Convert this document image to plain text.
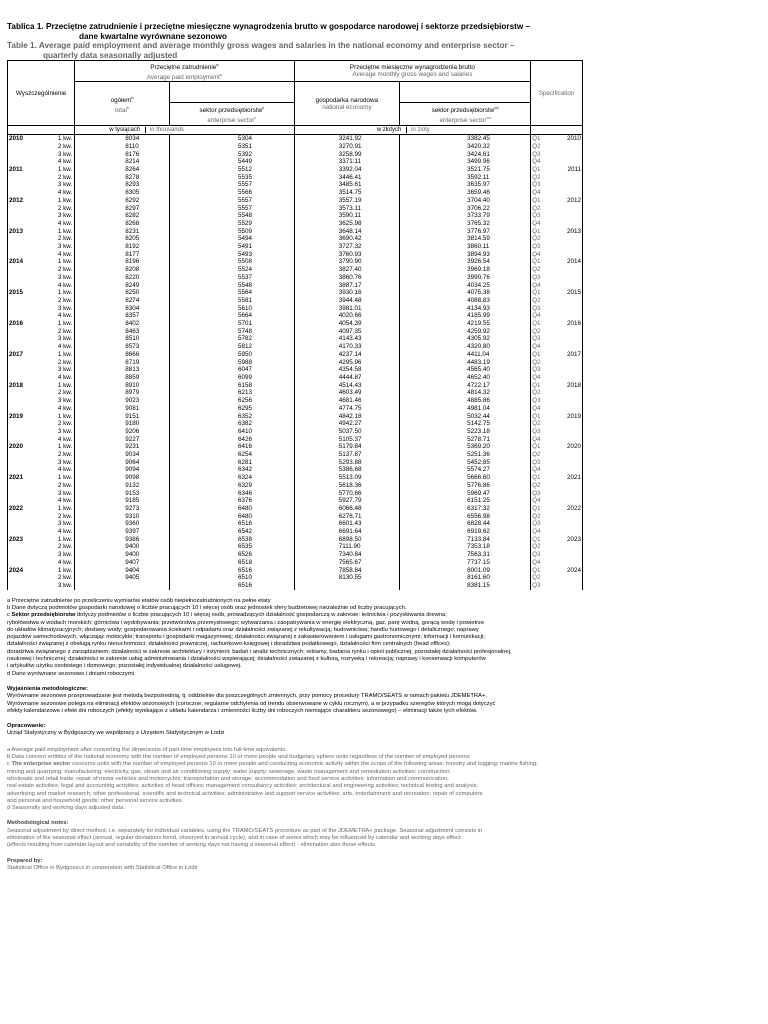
Tablica 1. Przeciętne zatrudnienie i przeciętne miesięczne wynagrodzenia brutto w gospodarce narodowej i sektorze przedsiębiorstw –
dane kwartalne wyrównane sezonowo
Table 1. Average paid employment and average monthly gross wages and salaries in the national economy and enterprise sector –
quarterly data seasonally adjusted
Wyszczególnienie		Przeciętne zatrudnienie$^a$
Average paid employment$^a$		Przeciętne miesięczne wynagrodzenia brutto
Average monthly gross wages and salaries		Specification	
		ogółem$^b$
total$^b$		gospodarka narodowa
national economy			
			sektor przedsiębiorstw$^c$
enterprise sector$^c$		sektor przedsiębiorstw$^{cd}$
enterprise sector$^{cd}$
		w tysiącach in thousands		w złotych in zloty			
2010	1 kw.	8034	5304	3241.92	3382.45	Q1	2010
	2 kw.	8110	5351	3270.91	3420.32	Q2	
	3 kw.	8176	5392	3258.99	3424.61	Q3	
	4 kw.	8214	5449	3371.11	3499.96	Q4	
2011	1 kw.	8264	5512	3392.04	3521.75	Q1	2011
	2 kw.	8278	5535	3446.41	3592.11	Q2	
	3 kw.	8293	5557	3485.61	3635.97	Q3	
	4 kw.	8305	5566	3514.75	3659.46	Q4	
2012	1 kw.	8292	5557	3557.19	3704.40	Q1	2012
	2 kw.	8297	5557	3573.11	3706.22	Q2	
	3 kw.	8282	5548	3590.11	3733.79	Q3	
	4 kw.	8268	5529	3625.98	3765.32	Q4	
2013	1 kw.	8231	5509	3648.14	3776.97	Q1	2013
	2 kw.	8205	5494	3690.42	3814.59	Q2	
	3 kw.	8192	5491	3727.32	3860.11	Q3	
	4 kw.	8177	5493	3760.93	3894.93	Q4	
2014	1 kw.	8196	5508	3790.90	3926.54	Q1	2014
	2 kw.	8208	5524	3827.40	3969.18	Q2	
	3 kw.	8220	5537	3860.76	3990.76	Q3	
	4 kw.	8249	5548	3887.17	4034.25	Q4	
2015	1 kw.	8250	5564	3930.16	4075.38	Q1	2015
	2 kw.	8274	5581	3944.48	4088.83	Q2	
	3 kw.	8304	5610	3981.01	4134.93	Q3	
	4 kw.	8357	5664	4020.66	4185.99	Q4	
2016	1 kw.	8402	5701	4054.39	4219.55	Q1	2016
	2 kw.	8463	5748	4097.35	4259.92	Q2	
	3 kw.	8510	5782	4143.43	4305.92	Q3	
	4 kw.	8573	5812	4170.33	4320.80	Q4	
2017	1 kw.	8666	5950	4237.14	4411.04	Q1	2017
	2 kw.	8719	5988	4295.96	4483.19	Q2	
	3 kw.	8813	6047	4354.58	4565.40	Q3	
	4 kw.	8859	6099	4444.87	4652.40	Q4	
2018	1 kw.	8910	6158	4514.43	4722.17	Q1	2018
	2 kw.	8979	6213	4603.49	4814.32	Q2	
	3 kw.	9023	6256	4681.46	4885.86	Q3	
	4 kw.	9081	6295	4774.75	4981.04	Q4	
2019	1 kw.	9151	6352	4842.18	5032.44	Q1	2019
	2 kw.	9180	6382	4942.27	5142.75	Q2	
	3 kw.	9206	6410	5037.50	5223.18	Q3	
	4 kw.	9227	6426	5105.37	5278.71	Q4	
2020	1 kw.	9231	6416	5179.84	5369.20	Q1	2020
	2 kw.	9034	6254	5137.87	5251.36	Q2	
	3 kw.	9064	6281	5293.88	5452.85	Q3	
	4 kw.	9094	6342	5386.68	5574.27	Q4	
2021	1 kw.	9098	6324	5513.09	5666.60	Q1	2021
	2 kw.	9132	6329	5618.36	5776.86	Q2	
	3 kw.	9153	6346	5770.66	5969.47	Q3	
	4 kw.	9185	6376	5927.79	6151.25	Q4	
2022	1 kw.	9273	6480	6066.48	6317.32	Q1	2022
	2 kw.	9310	6480	6276.71	6556.98	Q2	
	3 kw.	9360	6516	6601.43	6828.44	Q3	
	4 kw.	9397	6542	6691.64	6919.62	Q4	
2023	1 kw.	9386	6538	6898.50	7133.84	Q1	2023
	2 kw.	9400	6535	7111.90	7353.18	Q2	
	3 kw.	9400	6526	7340.84	7563.31	Q3	
	4 kw.	9407	6518	7565.67	7737.15	Q4	
2024	1 kw.	9404	6516	7858.84	8001.09	Q1	2024
	2 kw.	9405	6510	8130.55	8161.60	Q2	
	3 kw.		6516		8381.15	Q3	

a Przeciętne zatrudnienie po przeliczeniu wymiarów etatów osób niepełnozatrudnionych na pełne etaty

b Dane dotyczą podmiotów gospodarki narodowej o liczbie pracujących 10 i więcej osób oraz jednostek sfery budżetowej niezależnie od liczby pracujących.

c Sektor przedsiębiorstw dotyczy podmiotów o liczbie pracujących 10 i więcej osób, prowadzących działalność gospodarczą w zakresie: leśnictwa i pozyskiwania drewna;

rybołówstwa w wodach morskich; górnictwa i wydobywania; przetwórstwa przemysłowego; wytwarzania i zaopatrywania w energię elektryczną, gaz, parę wodną, gorącą wodę i powietrze

do układów klimatyzacyjnych; dostawy wody; gospodarowania ściekami i odpadami oraz działalności związanej z rekultywacją; budownictwa; handlu hurtowego i detalicznego; naprawy

pojazdów samochodowych, włączając motocykle; transportu i gospodarki magazynowej; działalności związanej z zakwaterowaniem i usługami gastronomicznymi; informacji i komunikacji;

działalności związanej z obsługą rynku nieruchomości; działalności prawniczej, rachunkowo-księgowej i doradztwa podatkowego, działalności firm centralnych (head offices);

doradztwa związanego z zarządzaniem; działalności w zakresie architektury i inżynierii; badań i analiz technicznych; reklamy, badania rynku i opinii publicznej; pozostałej działalności profesjonalnej,

naukowej i technicznej; działalności w zakresie usług administrowania i działalności wspierającej; działalności związanej z kulturą, rozrywką i rekreacją; naprawy i konserwacji komputerów

i artykułów użytku osobistego i domowego; pozostałej indywidualnej działalności usługowej.

d Dane wyrównane sezonowo i dniami roboczymi

Wyjaśnienia metodologiczne:

Wyrównanie sezonowe przeprowadzane jest metodą bezpośrednią, tj. oddzielnie dla poszczególnych zmiennych, przy pomocy procedury TRAMO/SEATS w ramach pakietu JDEMETRA+.

Wyrównanie sezonowe polega na eliminacji efektów sezonowych (coroczne, regularne odchylenia od trendu obserwowane w cyklu rocznym), a w przypadku szeregów których mogą dotyczyć

efekty kalendarzowe i efekt dni roboczych (efekty wynikające z układu kalendarza i zmienności liczby dni roboczych niemające charakteru sezonowego) – eliminacji także tych efektów.

Opracowanie:

Urząd Statystyczny w Bydgoszczy we współpracy z Urzędem Statystycznym w Łodzi

a Average paid employment after converting the dimensions of part-time employees into full-time equivalents.

b Data concern entities of the national economy with the number of employed persons 10 or more people and budgetary sphere units regardless of the number of employed persons

c The enterprise sector concerns units with the number of employed persons 10 or more people and conducting economic activity within the scope of the following areas: forestry and logging; marine fishing;

mining and quarrying; manufacturing; electricity, gas, steam and air conditioning supply; water supply; sewerage, waste management and remediation activities; construction;

wholesale and retail trade; repair of motor vehicles and motorcycles; transportation and storage; accommodation and food service activities; information and communication;

real estate activities; legal and accounting activities; activities of head offices; management consultancy activities; architectural and engineering activities; technical testing and analysis;

advertising and market research; other professional, scientific and technical activities; administrative and support service activities; arts, entertainment and recreation; repair of computers

and personal and household goods; other personal service activities.

d Seasonally and working days adjusted data.

Methodological notes:

Seasonal adjustment by direct method, i.e. separately for individual variables, using the TRAMO/SEATS procedure as part of the JDEMETRA+ package. Seasonal adjustment consists in

elimination of the seasonal effect (annual, regular deviations trend, observed in annual cycle), and in case of series which may be influenced by calendar and working days effect

(effects resulting from calendar layout and variability of the number of working days not having a seasonal effect) - elimination also those effects.

Prepared by:

Statistical Office in Bydgoszcz in cooperation with Statistical Office in Łódź
